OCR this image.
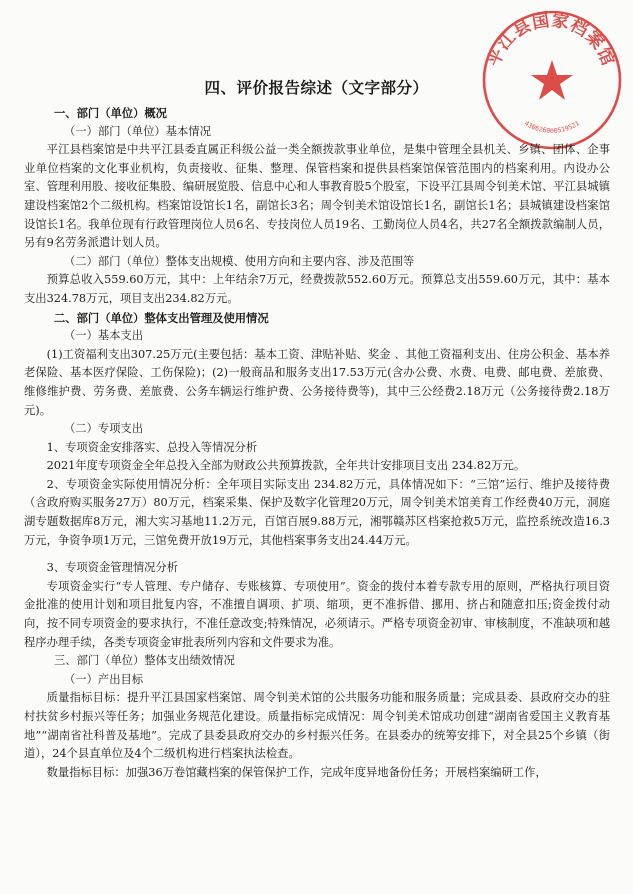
平江县国家档案馆
430626000519521
四、评价报告综述（文字部分）

一、部门（单位）概况

（一）部门（单位）基本情况

平江县档案馆是中共平江县委直属正科级公益一类全额拨款事业单位，是集中管理全县机关、乡镇、团体、企事业单位档案的文化事业机构，负责接收、征集、整理、保管档案和提供县档案馆保管范围内的档案利用。内设办公室、管理利用股、接收征集股、编研展览股、信息中心和人事教育股5个股室，下设平江县周令钊美术馆、平江县城镇建设档案馆2个二级机构。档案馆设馆长1名，副馆长3名；周令钊美术馆设馆长1名，副馆长1名；县城镇建设档案馆设馆长1名。我单位现有行政管理岗位人员6名、专技岗位人员19名、工勤岗位人员4名，共27名全额拨款编制人员，另有9名劳务派遣计划人员。

（二）部门（单位）整体支出规模、使用方向和主要内容、涉及范围等

预算总收入559.60万元，其中：上年结余7万元，经费拨款552.60万元。预算总支出559.60万元，其中：基本支出324.78万元，项目支出234.82万元。

二、部门（单位）整体支出管理及使用情况

（一）基本支出

(1)工资福利支出307.25万元(主要包括：基本工资、津贴补贴、奖金 、其他工资福利支出、住房公积金、基本养老保险、基本医疗保险、工伤保险)；(2)一般商品和服务支出17.53万元(含办公费、水费、电费、邮电费、差旅费、维修维护费、劳务费、差旅费、公务车辆运行维护费、公务接待费等)，其中三公经费2.18万元（公务接待费2.18万元)。

（二）专项支出

1、专项资金安排落实、总投入等情况分析

2021年度专项资金全年总投入全部为财政公共预算拨款，全年共计安排项目支出 234.82万元。

2、专项资金实际使用情况分析：全年项目实际支出 234.82万元，具体情况如下：“三馆”运行、维护及接待费（含政府购买服务27万）80万元，档案采集、保护及数字化管理20万元，周令钊美术馆美育工作经费40万元，洞庭湖专题数据库8万元，湘大实习基地11.2万元，百馆百展9.88万元，湘鄂赣苏区档案抢救5万元，监控系统改造16.3万元，争资争项1万元，三馆免费开放19万元，其他档案事务支出24.44万元。

3、专项资金管理情况分析

专项资金实行“专人管理、专户储存、专账核算、专项使用”。资金的拨付本着专款专用的原则，严格执行项目资金批准的使用计划和项目批复内容，不准擅自调项、扩项、缩项，更不准拆借、挪用、挤占和随意扣压;资金拨付动向，按不同专项资金的要求执行，不准任意改变;特殊情况，必须请示。严格专项资金初审、审核制度，不准缺项和越程序办理手续，各类专项资金审批表所列内容和文件要求为准。

三、部门（单位）整体支出绩效情况

（一）产出目标

质量指标目标：提升平江县国家档案馆、周令钊美术馆的公共服务功能和服务质量；完成县委、县政府交办的驻村扶贫乡村振兴等任务；加强业务规范化建设。质量指标完成情况：周令钊美术馆成功创建“湖南省爱国主义教育基地”“湖南省社科普及基地”。完成了县委县政府交办的乡村振兴任务。在县委办的统筹安排下，对全县25个乡镇（街道），24个县直单位及4个二级机构进行档案执法检查。

数量指标目标：加强36万卷馆藏档案的保管保护工作，完成年度异地备份任务；开展档案编研工作，
